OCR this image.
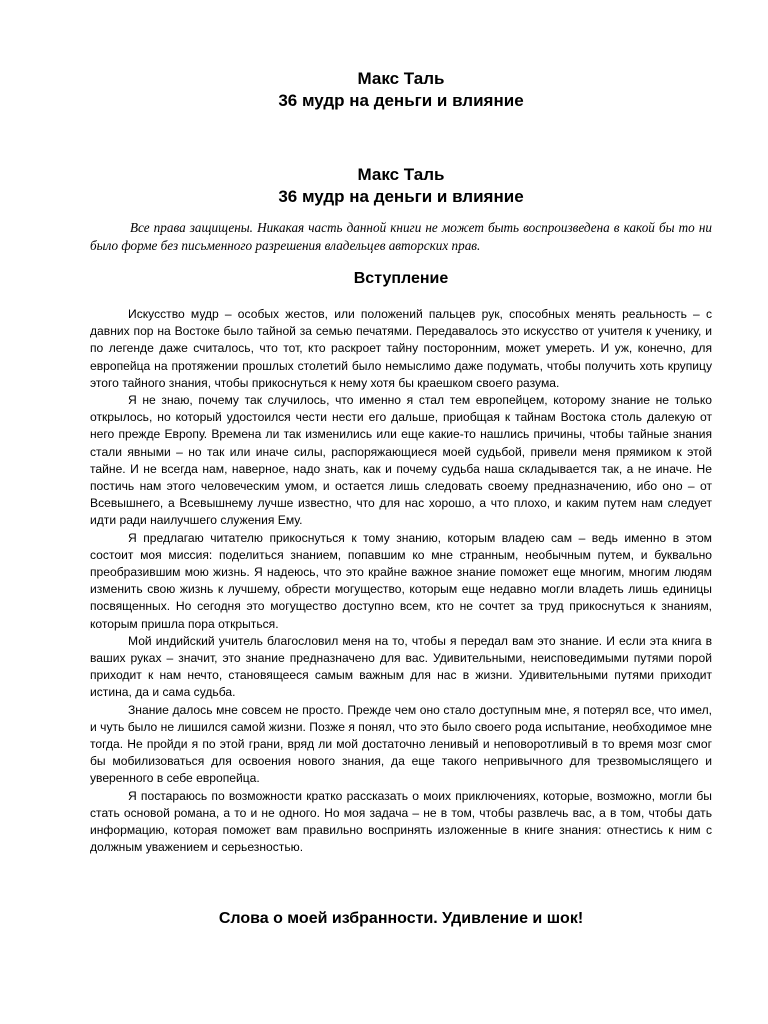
Макс Таль
36 мудр на деньги и влияние
Макс Таль
36 мудр на деньги и влияние
Все права защищены. Никакая часть данной книги не может быть воспроизведена в какой бы то ни было форме без письменного разрешения владельцев авторских прав.
Вступление

Искусство мудр – особых жестов, или положений пальцев рук, способных менять реальность – с давних пор на Востоке было тайной за семью печатями. Передавалось это искусство от учителя к ученику, и по легенде даже считалось, что тот, кто раскроет тайну посторонним, может умереть. И уж, конечно, для европейца на протяжении прошлых столетий было немыслимо даже подумать, чтобы получить хоть крупицу этого тайного знания, чтобы прикоснуться к нему хотя бы краешком своего разума.

Я не знаю, почему так случилось, что именно я стал тем европейцем, которому знание не только открылось, но который удостоился чести нести его дальше, приобщая к тайнам Востока столь далекую от него прежде Европу. Времена ли так изменились или еще какие-то нашлись причины, чтобы тайные знания стали явными – но так или иначе силы, распоряжающиеся моей судьбой, привели меня прямиком к этой тайне. И не всегда нам, наверное, надо знать, как и почему судьба наша складывается так, а не иначе. Не постичь нам этого человеческим умом, и остается лишь следовать своему предназначению, ибо оно – от Всевышнего, а Всевышнему лучше известно, что для нас хорошо, а что плохо, и каким путем нам следует идти ради наилучшего служения Ему.

Я предлагаю читателю прикоснуться к тому знанию, которым владею сам – ведь именно в этом состоит моя миссия: поделиться знанием, попавшим ко мне странным, необычным путем, и буквально преобразившим мою жизнь. Я надеюсь, что это крайне важное знание поможет еще многим, многим людям изменить свою жизнь к лучшему, обрести могущество, которым еще недавно могли владеть лишь единицы посвященных. Но сегодня это могущество доступно всем, кто не сочтет за труд прикоснуться к знаниям, которым пришла пора открыться.

Мой индийский учитель благословил меня на то, чтобы я передал вам это знание. И если эта книга в ваших руках – значит, это знание предназначено для вас. Удивительными, неисповедимыми путями порой приходит к нам нечто, становящееся самым важным для нас в жизни. Удивительными путями приходит истина, да и сама судьба.

Знание далось мне совсем не просто. Прежде чем оно стало доступным мне, я потерял все, что имел, и чуть было не лишился самой жизни. Позже я понял, что это было своего рода испытание, необходимое мне тогда. Не пройди я по этой грани, вряд ли мой достаточно ленивый и неповоротливый в то время мозг смог бы мобилизоваться для освоения нового знания, да еще такого непривычного для трезвомыслящего и уверенного в себе европейца.

Я постараюсь по возможности кратко рассказать о моих приключениях, которые, возможно, могли бы стать основой романа, а то и не одного. Но моя задача – не в том, чтобы развлечь вас, а в том, чтобы дать информацию, которая поможет вам правильно воспринять изложенные в книге знания: отнестись к ним с должным уважением и серьезностью.

Слова о моей избранности. Удивление и шок!
